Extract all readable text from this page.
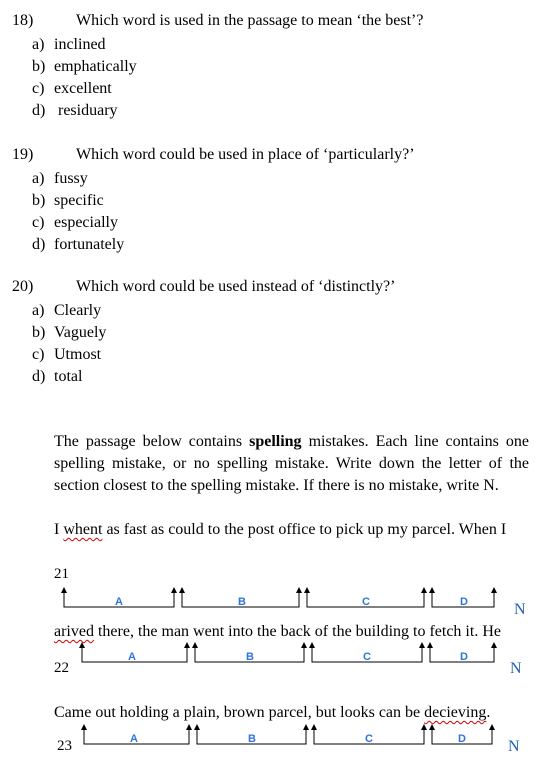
18)	Which word is used in the passage to mean ‘the best’?
a) inclined
b) emphatically
c) excellent
d) residuary
19)	Which word could be used in place of ‘particularly?’
a) fussy
b) specific
c) especially
d) fortunately
20)	Which word could be used instead of ‘distinctly?’
a) Clearly
b) Vaguely
c) Utmost
d) total
The passage below contains spelling mistakes. Each line contains one spelling mistake, or no spelling mistake. Write down the letter of the section closest to the spelling mistake. If there is no mistake, write N.
I whent as fast as could to the post office to pick up my parcel. When I
21
A	B	C	D	N
arived there, the man went into the back of the building to fetch it. He
22
A	B	C	D
N
Came out holding a plain, brown parcel, but looks can be decieving.
23	A	B	C	D	N
